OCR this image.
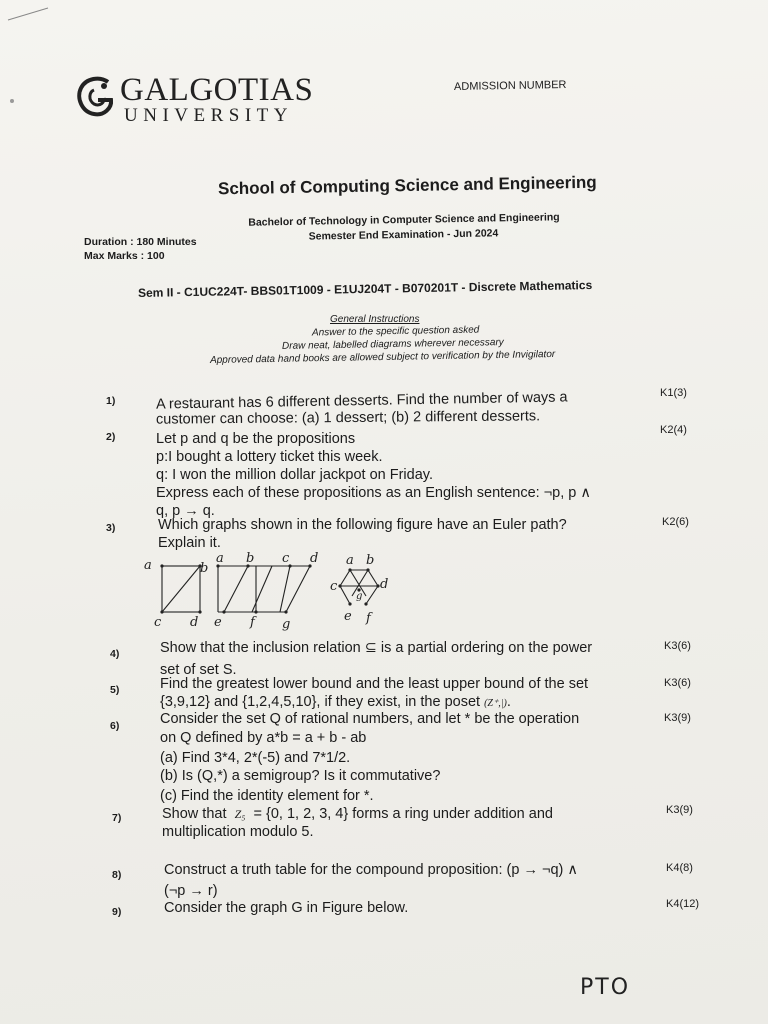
GALGOTIAS
UNIVERSITY
ADMISSION NUMBER
School of Computing Science and Engineering
Bachelor of Technology in Computer Science and Engineering
Semester End Examination - Jun 2024
Duration : 180 Minutes
Max Marks : 100
Sem II - C1UC224T- BBS01T1009 - E1UJ204T - B070201T - Discrete Mathematics
General Instructions
Answer to the specific question asked
Draw neat, labelled diagrams wherever necessary
Approved data hand books are allowed subject to verification by the Invigilator
1)
K1(3)
A restaurant has 6 different desserts. Find the number of ways a
customer can choose: (a) 1 dessert; (b) 2 different desserts.
2)
K2(4)
Let p and q be the propositions
p:I bought a lottery ticket this week.
q: I won the million dollar jackpot on Friday.
Express each of these propositions as an English sentence: ¬p, p ∧
q, p → q.
3)	K2(6)
Which graphs shown in the following figure have an Euler path?
Explain it.
a	b
c d
a b c d
e f g
a b
c	d
e f
g
4)
K3(6)
Show that the inclusion relation ⊆ is a partial ordering on the power
set of set S.
5)
K3(6)
Find the greatest lower bound and the least upper bound of the set
{3,9,12} and {1,2,4,5,10}, if they exist, in the poset (Z⁺,|).
6)
K3(9)
Consider the set Q of rational numbers, and let * be the operation
on Q defined by a*b = a + b - ab
(a) Find 3*4, 2*(-5) and 7*1/2.
(b) Is (Q,*) a semigroup? Is it commutative?
(c) Find the identity element for *.
7)
K3(9)
Show that Z₅ = {0, 1, 2, 3, 4} forms a ring under addition and
multiplication modulo 5.
8)
K4(8)
Construct a truth table for the compound proposition: (p → ¬q) ∧
(¬p → r)
9)
K4(12)
Consider the graph G in Figure below.
PTO
